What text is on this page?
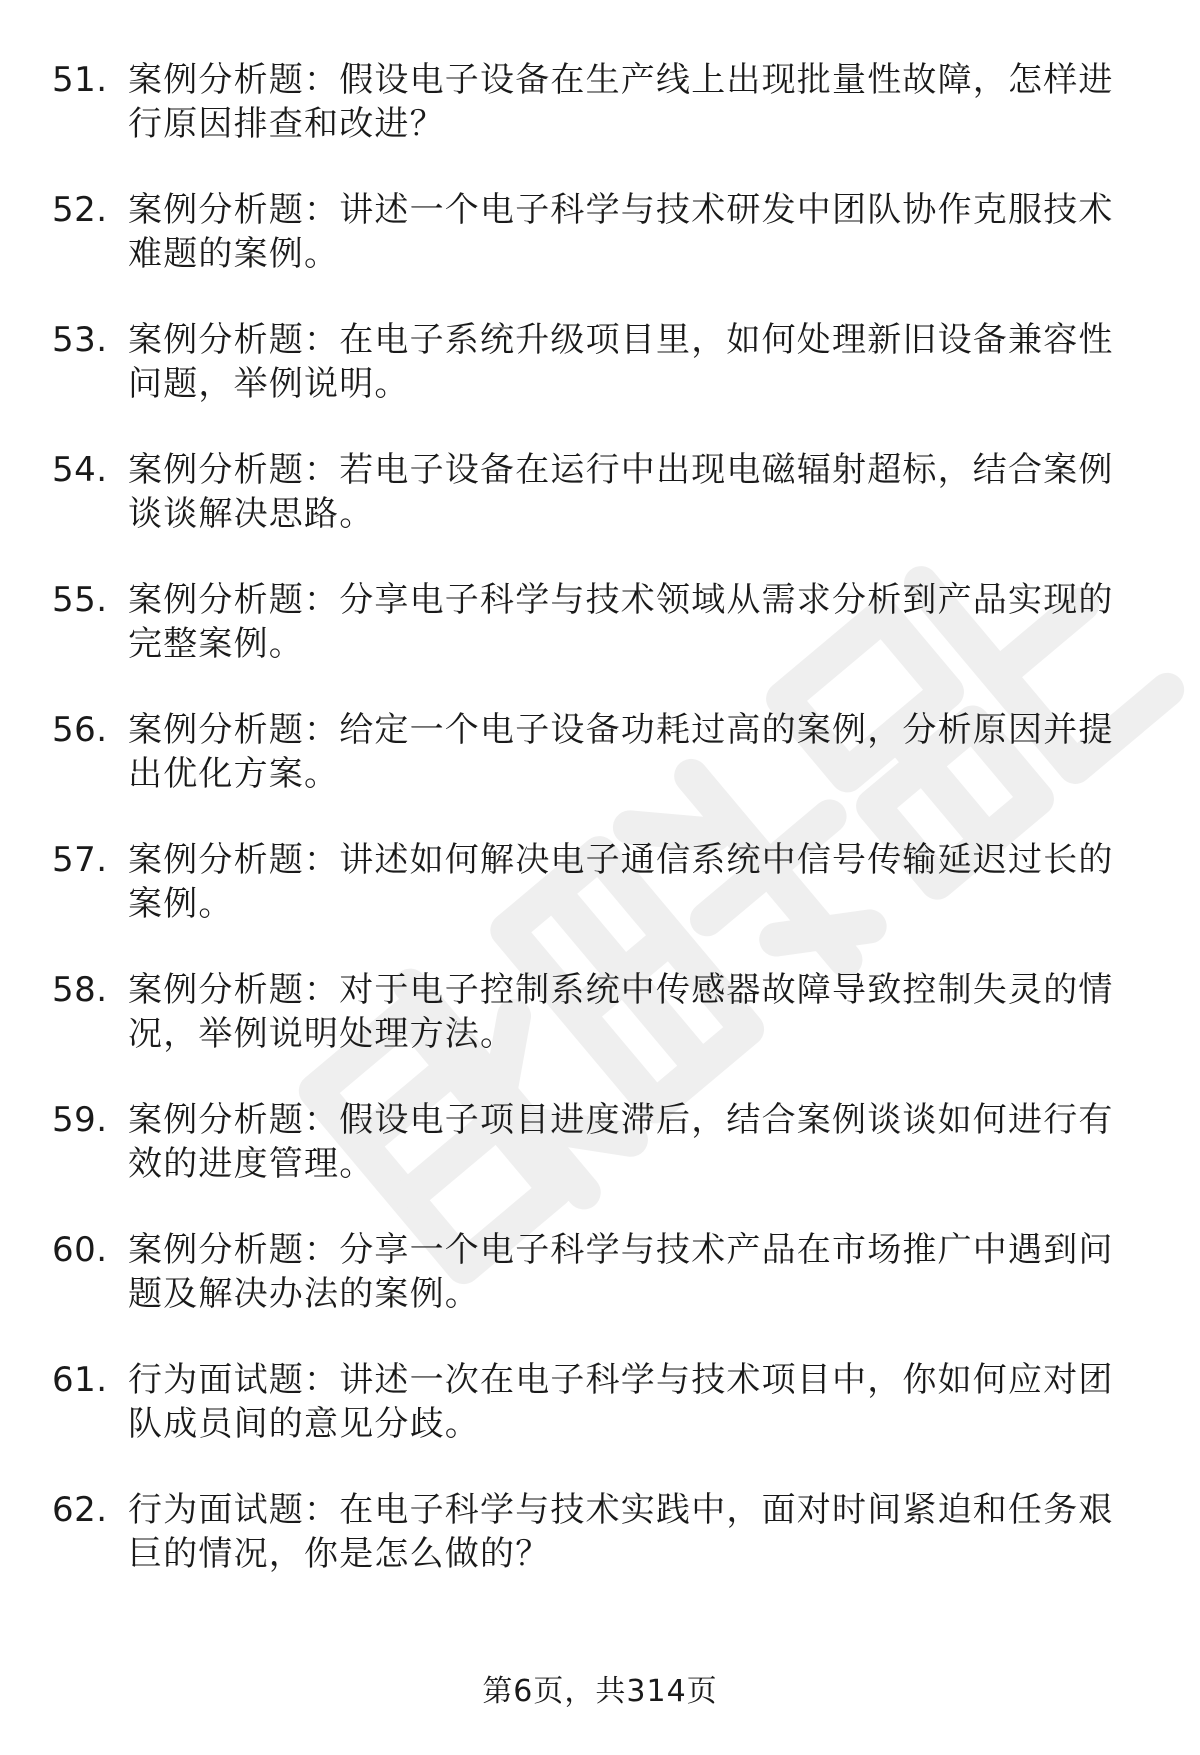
51. 案例分析题：假设电子设备在生产线上出现批量性故障，怎样进行原因排查和改进？
52. 案例分析题：讲述一个电子科学与技术研发中团队协作克服技术难题的案例。
53. 案例分析题：在电子系统升级项目里，如何处理新旧设备兼容性问题，举例说明。
54. 案例分析题：若电子设备在运行中出现电磁辐射超标，结合案例谈谈解决思路。
55. 案例分析题：分享电子科学与技术领域从需求分析到产品实现的完整案例。
56. 案例分析题：给定一个电子设备功耗过高的案例，分析原因并提出优化方案。
57. 案例分析题：讲述如何解决电子通信系统中信号传输延迟过长的案例。
58. 案例分析题：对于电子控制系统中传感器故障导致控制失灵的情况，举例说明处理方法。
59. 案例分析题：假设电子项目进度滞后，结合案例谈谈如何进行有效的进度管理。
60. 案例分析题：分享一个电子科学与技术产品在市场推广中遇到问题及解决办法的案例。
61. 行为面试题：讲述一次在电子科学与技术项目中，你如何应对团队成员间的意见分歧。
62. 行为面试题：在电子科学与技术实践中，面对时间紧迫和任务艰巨的情况，你是怎么做的？
第6页，共314页
